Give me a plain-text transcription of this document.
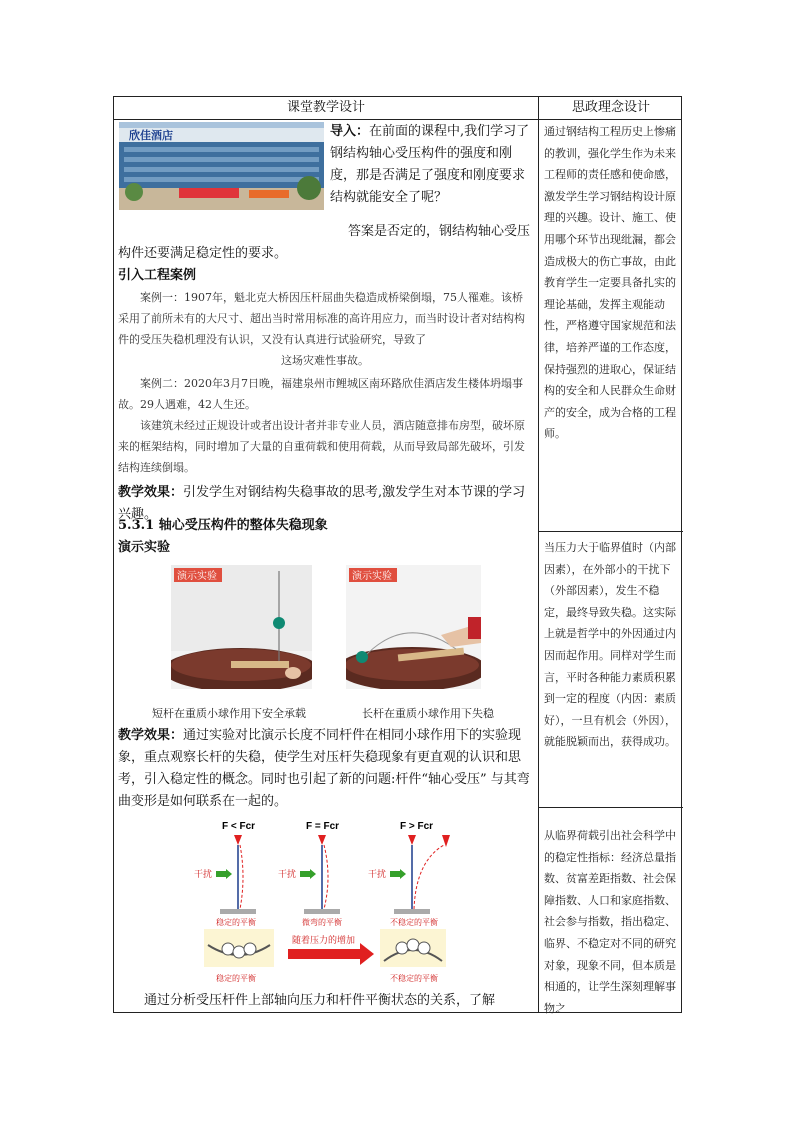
课堂教学设计	思政理念设计
欣佳酒店	导入：在前面的课程中,我们学习了钢结构轴心受压构件的强度和刚度，那是否满足了强度和刚度要求结构就能安全了呢？

答案是否定的，钢结构轴心受压构件还要满足稳定性的要求。

引入工程案例

案例一：1907年，魁北克大桥因压杆屈曲失稳造成桥梁倒塌，75人罹难。该桥采用了前所未有的大尺寸、超出当时常用标准的高许用应力，而当时设计者对结构构件的受压失稳机理没有认识，又没有认真进行试验研究，导致了

这场灾难性事故。

案例二：2020年3月7日晚，福建泉州市鲤城区南环路欣佳酒店发生楼体坍塌事故。29人遇难，42人生还。

该建筑未经过正规设计或者出设计者并非专业人员，酒店随意排布房型，破坏原来的框架结构，同时增加了大量的自重荷载和使用荷载，从而导致局部先破坏，引发结构连续倒塌。

教学效果：引发学生对钢结构失稳事故的思考,激发学生对本节课的学习兴趣。

5.3.1 轴心受压构件的整体失稳现象

演示实验

演示实验	演示实验
短杆在重质小球作用下安全承载	长杆在重质小球作用下失稳

教学效果：通过实验对比演示长度不同杆件在相同小球作用下的实验现象，重点观察长杆的失稳，使学生对压杆失稳现象有更直观的认识和思考，引入稳定性的概念。同时也引起了新的问题:杆件“轴心受压” 与其弯曲变形是如何联系在一起的。

F < Fcr	F = Fcr	F > Fcr
干扰
稳定的平衡
干扰
微弯的平衡
干扰
不稳定的平衡
随着压力的增加
稳定的平衡	不稳定的平衡

通过分析受压杆件上部轴向压力和杆件平衡状态的关系，了解

通过钢结构工程历史上惨痛的教训，强化学生作为未来工程师的责任感和使命感，激发学生学习钢结构设计原理的兴趣。设计、施工、使用哪个环节出现纰漏，都会造成极大的伤亡事故，由此教育学生一定要具备扎实的理论基础，发挥主观能动性，严格遵守国家规范和法律，培养严谨的工作态度，保持强烈的进取心，保证结构的安全和人民群众生命财产的安全，成为合格的工程师。
当压力大于临界值时（内部因素），在外部小的干扰下（外部因素），发生不稳定，最终导致失稳。这实际上就是哲学中的外因通过内因而起作用。同样对学生而言，平时各种能力素质积累到一定的程度（内因：素质好），一旦有机会（外因），就能脱颖而出，获得成功。
从临界荷载引出社会科学中的稳定性指标：经济总量指数、贫富差距指数、社会保障指数、人口和家庭指数、社会参与指数，指出稳定、临界、不稳定对不同的研究对象，现象不同，但本质是相通的，让学生深刻理解事物之
